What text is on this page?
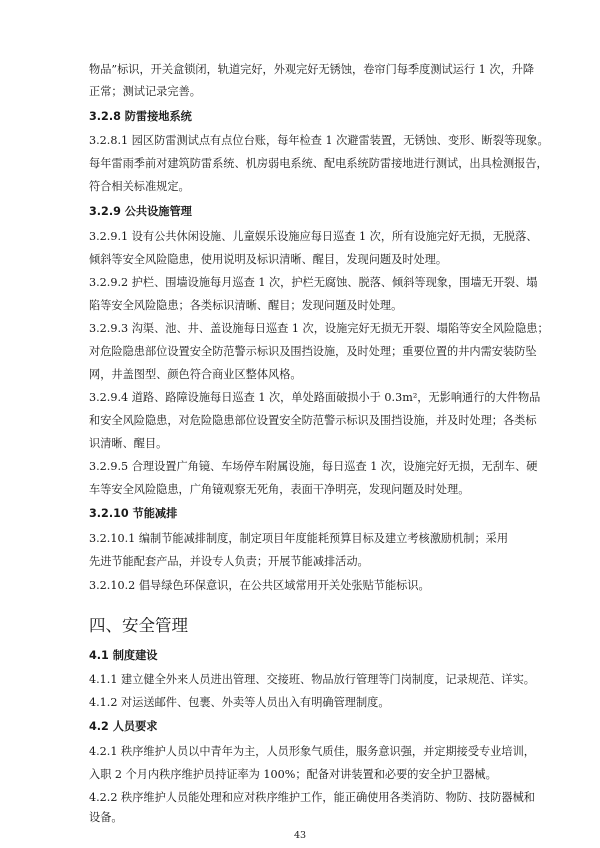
物品”标识，开关盒锁闭，轨道完好，外观完好无锈蚀，卷帘门每季度测试运行 1 次，升降
正常；测试记录完善。
3.2.8 防雷接地系统
3.2.8.1 园区防雷测试点有点位台账，每年检查 1 次避雷装置，无锈蚀、变形、断裂等现象。
每年雷雨季前对建筑防雷系统、机房弱电系统、配电系统防雷接地进行测试，出具检测报告，
符合相关标准规定。
3.2.9 公共设施管理
3.2.9.1 设有公共休闲设施、儿童娱乐设施应每日巡查 1 次，所有设施完好无损，无脱落、
倾斜等安全风险隐患，使用说明及标识清晰、醒目，发现问题及时处理。
3.2.9.2 护栏、围墙设施每月巡查 1 次，护栏无腐蚀、脱落、倾斜等现象，围墙无开裂、塌
陷等安全风险隐患；各类标识清晰、醒目；发现问题及时处理。
3.2.9.3 沟渠、池、井、盖设施每日巡查 1 次，设施完好无损无开裂、塌陷等安全风险隐患；
对危险隐患部位设置安全防范警示标识及围挡设施，及时处理；重要位置的井内需安装防坠
网，井盖图型、颜色符合商业区整体风格。
3.2.9.4 道路、路障设施每日巡查 1 次，单处路面破损小于 0.3m²，无影响通行的大件物品
和安全风险隐患，对危险隐患部位设置安全防范警示标识及围挡设施，并及时处理；各类标
识清晰、醒目。
3.2.9.5 合理设置广角镜、车场停车附属设施，每日巡查 1 次，设施完好无损，无刮车、硬
车等安全风险隐患，广角镜观察无死角，表面干净明亮，发现问题及时处理。
3.2.10 节能减排
3.2.10.1 编制节能减排制度，制定项目年度能耗预算目标及建立考核激励机制；采用
先进节能配套产品，并设专人负责；开展节能减排活动。
3.2.10.2 倡导绿色环保意识，在公共区域常用开关处张贴节能标识。
四、安全管理
4.1 制度建设
4.1.1 建立健全外来人员进出管理、交接班、物品放行管理等门岗制度，记录规范、详实。
4.1.2 对运送邮件、包裹、外卖等人员出入有明确管理制度。
4.2 人员要求
4.2.1 秩序维护人员以中青年为主，人员形象气质佳，服务意识强，并定期接受专业培训，
入职 2 个月内秩序维护员持证率为 100%；配备对讲装置和必要的安全护卫器械。
4.2.2 秩序维护人员能处理和应对秩序维护工作，能正确使用各类消防、物防、技防器械和
设备。
43
